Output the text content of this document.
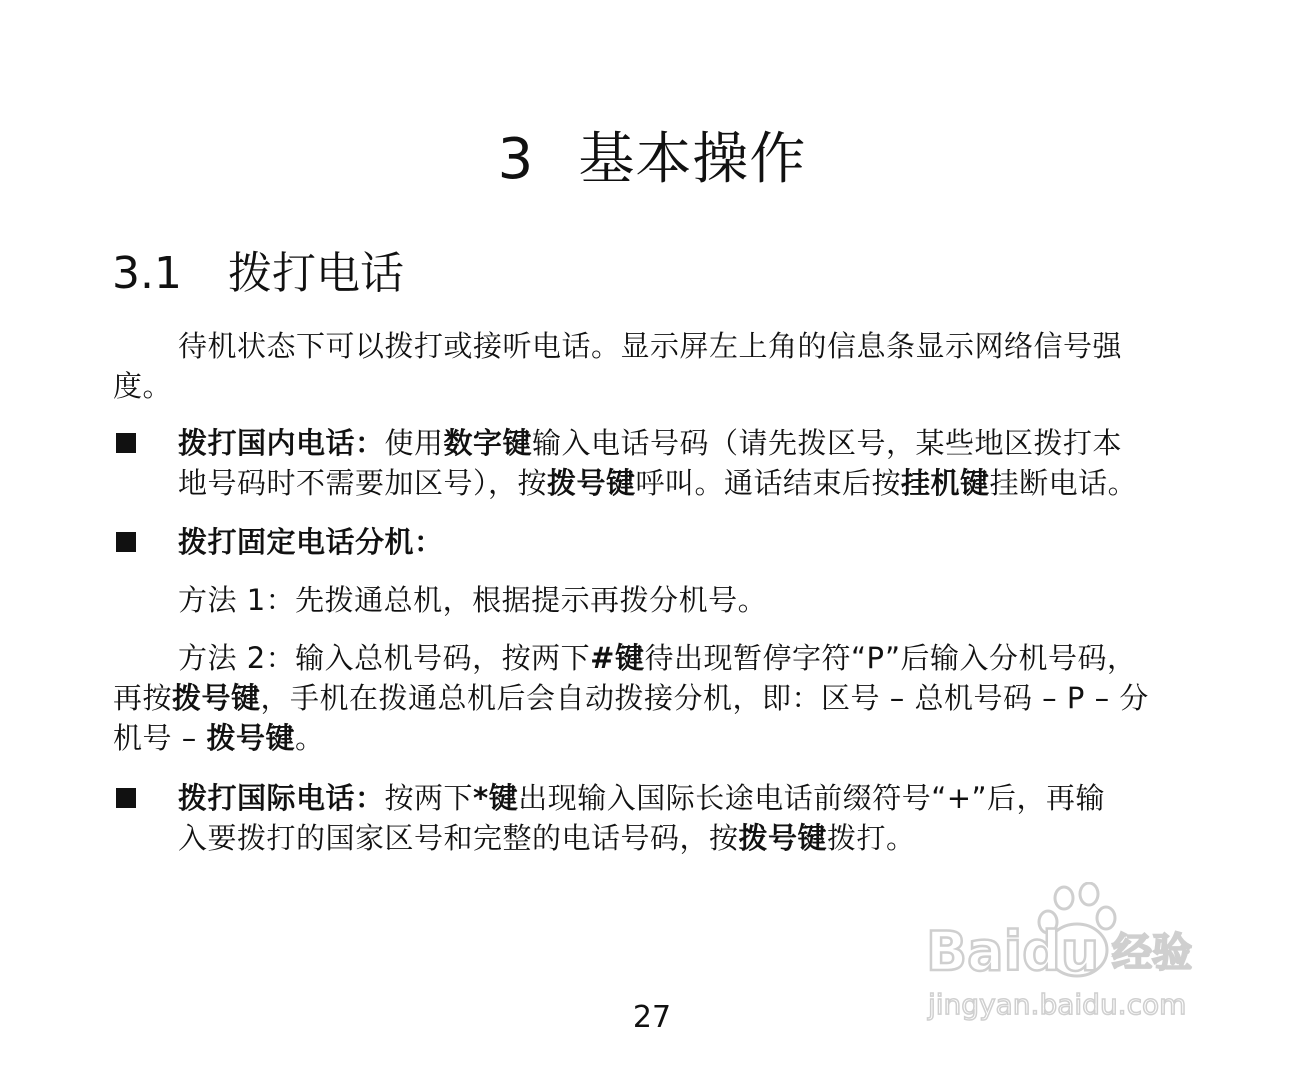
3 基本操作
3.1 拨打电话
待机状态下可以拨打或接听电话。显示屏左上角的信息条显示网络信号强
度。
拨打国内电话：使用数字键输入电话号码（请先拨区号，某些地区拨打本
地号码时不需要加区号），按拨号键呼叫。通话结束后按挂机键挂断电话。
拨打固定电话分机：
方法 1：先拨通总机，根据提示再拨分机号。
方法 2：输入总机号码，按两下#键待出现暂停字符“P”后输入分机号码，
再按拨号键，手机在拨通总机后会自动拨接分机，即：区号 – 总机号码 – P – 分
机号 – 拨号键。
拨打国际电话：按两下*键出现输入国际长途电话前缀符号“+”后，再输
入要拨打的国家区号和完整的电话号码，按拨号键拨打。
27
Baidu 经验
jingyan.baidu.com
